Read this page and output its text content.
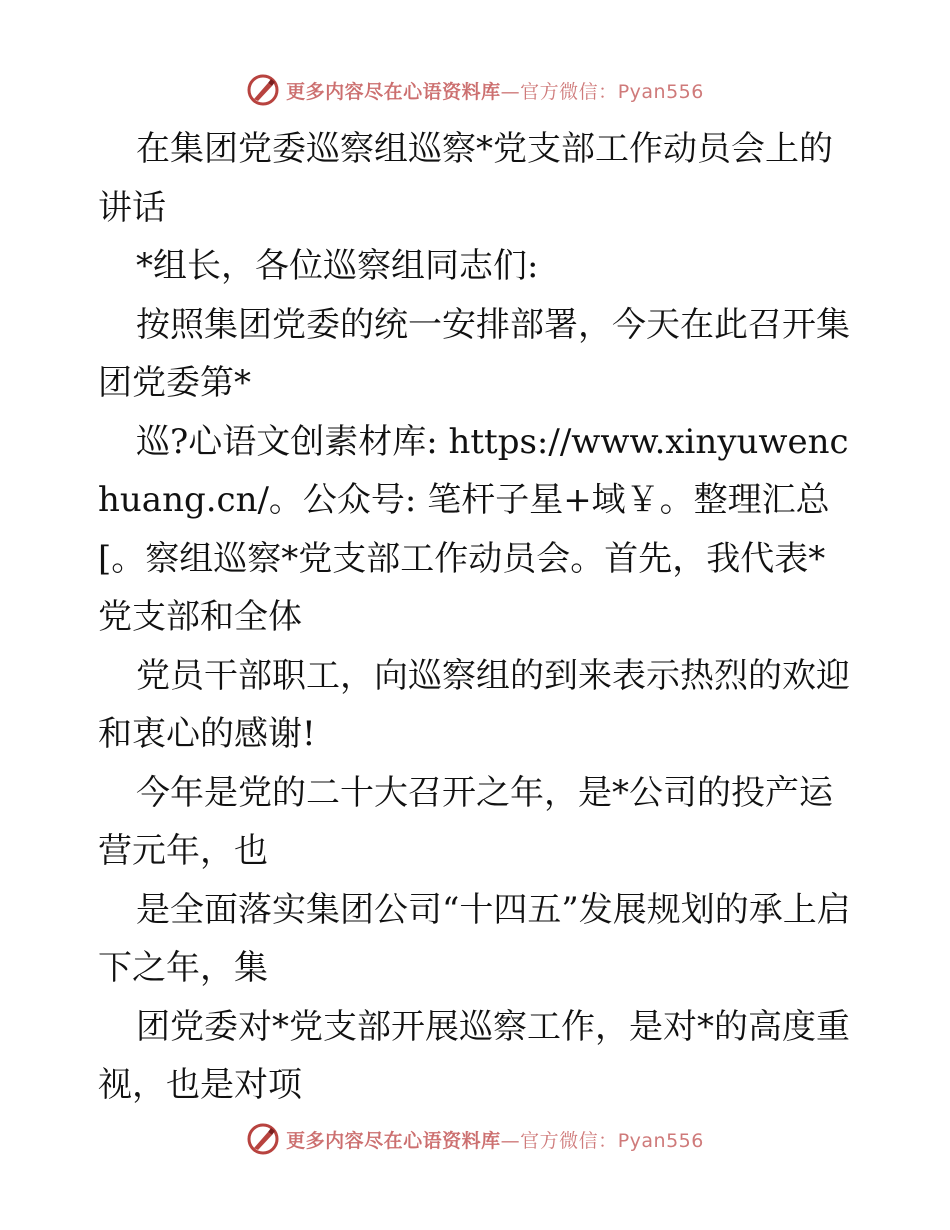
更多内容尽在心语资料库—官方微信：Pyan556

在集团党委巡察组巡察*党支部工作动员会上的讲话

*组长，各位巡察组同志们:

按照集团党委的统一安排部署，今天在此召开集团党委第*

巡?心语文创素材库: https://www.xinyuwenchuang.cn/。公众号: 笔杆子星+域￥。整理汇总[。察组巡察*党支部工作动员会。首先，我代表*党支部和全体

党员干部职工，向巡察组的到来表示热烈的欢迎和衷心的感谢!

今年是党的二十大召开之年，是*公司的投产运营元年，也

是全面落实集团公司“十四五”发展规划的承上启下之年，集

团党委对*党支部开展巡察工作，是对*的高度重视，也是对项

更多内容尽在心语资料库—官方微信：Pyan556
